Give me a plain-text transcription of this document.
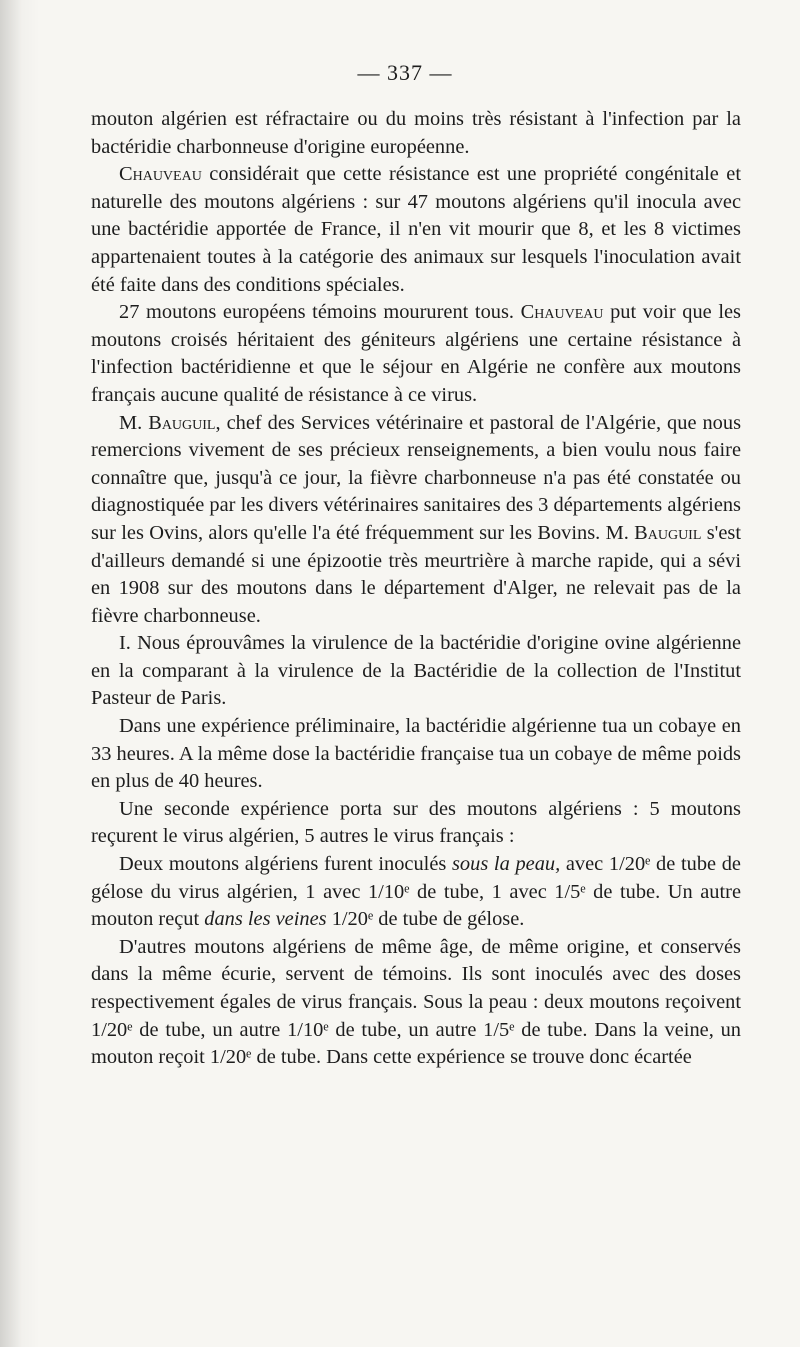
— 337 —

mouton algérien est réfractaire ou du moins très résistant à l'infection par la bactéridie charbonneuse d'origine européenne.

Chauveau considérait que cette résistance est une propriété congénitale et naturelle des moutons algériens : sur 47 moutons algériens qu'il inocula avec une bactéridie apportée de France, il n'en vit mourir que 8, et les 8 victimes appartenaient toutes à la catégorie des animaux sur lesquels l'inoculation avait été faite dans des conditions spéciales.

27 moutons européens témoins moururent tous. Chauveau put voir que les moutons croisés héritaient des géniteurs algériens une certaine résistance à l'infection bactéridienne et que le séjour en Algérie ne confère aux moutons français aucune qualité de résistance à ce virus.

M. Bauguil, chef des Services vétérinaire et pastoral de l'Algérie, que nous remercions vivement de ses précieux renseignements, a bien voulu nous faire connaître que, jusqu'à ce jour, la fièvre charbonneuse n'a pas été constatée ou diagnostiquée par les divers vétérinaires sanitaires des 3 départements algériens sur les Ovins, alors qu'elle l'a été fréquemment sur les Bovins. M. Bauguil s'est d'ailleurs demandé si une épizootie très meurtrière à marche rapide, qui a sévi en 1908 sur des moutons dans le département d'Alger, ne relevait pas de la fièvre charbonneuse.

I. Nous éprouvâmes la virulence de la bactéridie d'origine ovine algérienne en la comparant à la virulence de la Bactéridie de la collection de l'Institut Pasteur de Paris.

Dans une expérience préliminaire, la bactéridie algérienne tua un cobaye en 33 heures. A la même dose la bactéridie française tua un cobaye de même poids en plus de 40 heures.

Une seconde expérience porta sur des moutons algériens : 5 moutons reçurent le virus algérien, 5 autres le virus français :

Deux moutons algériens furent inoculés sous la peau, avec 1/20ᵉ de tube de gélose du virus algérien, 1 avec 1/10ᵉ de tube, 1 avec 1/5ᵉ de tube. Un autre mouton reçut dans les veines 1/20ᵉ de tube de gélose.

D'autres moutons algériens de même âge, de même origine, et conservés dans la même écurie, servent de témoins. Ils sont inoculés avec des doses respectivement égales de virus français. Sous la peau : deux moutons reçoivent 1/20ᵉ de tube, un autre 1/10ᵉ de tube, un autre 1/5ᵉ de tube. Dans la veine, un mouton reçoit 1/20ᵉ de tube. Dans cette expérience se trouve donc écartée
